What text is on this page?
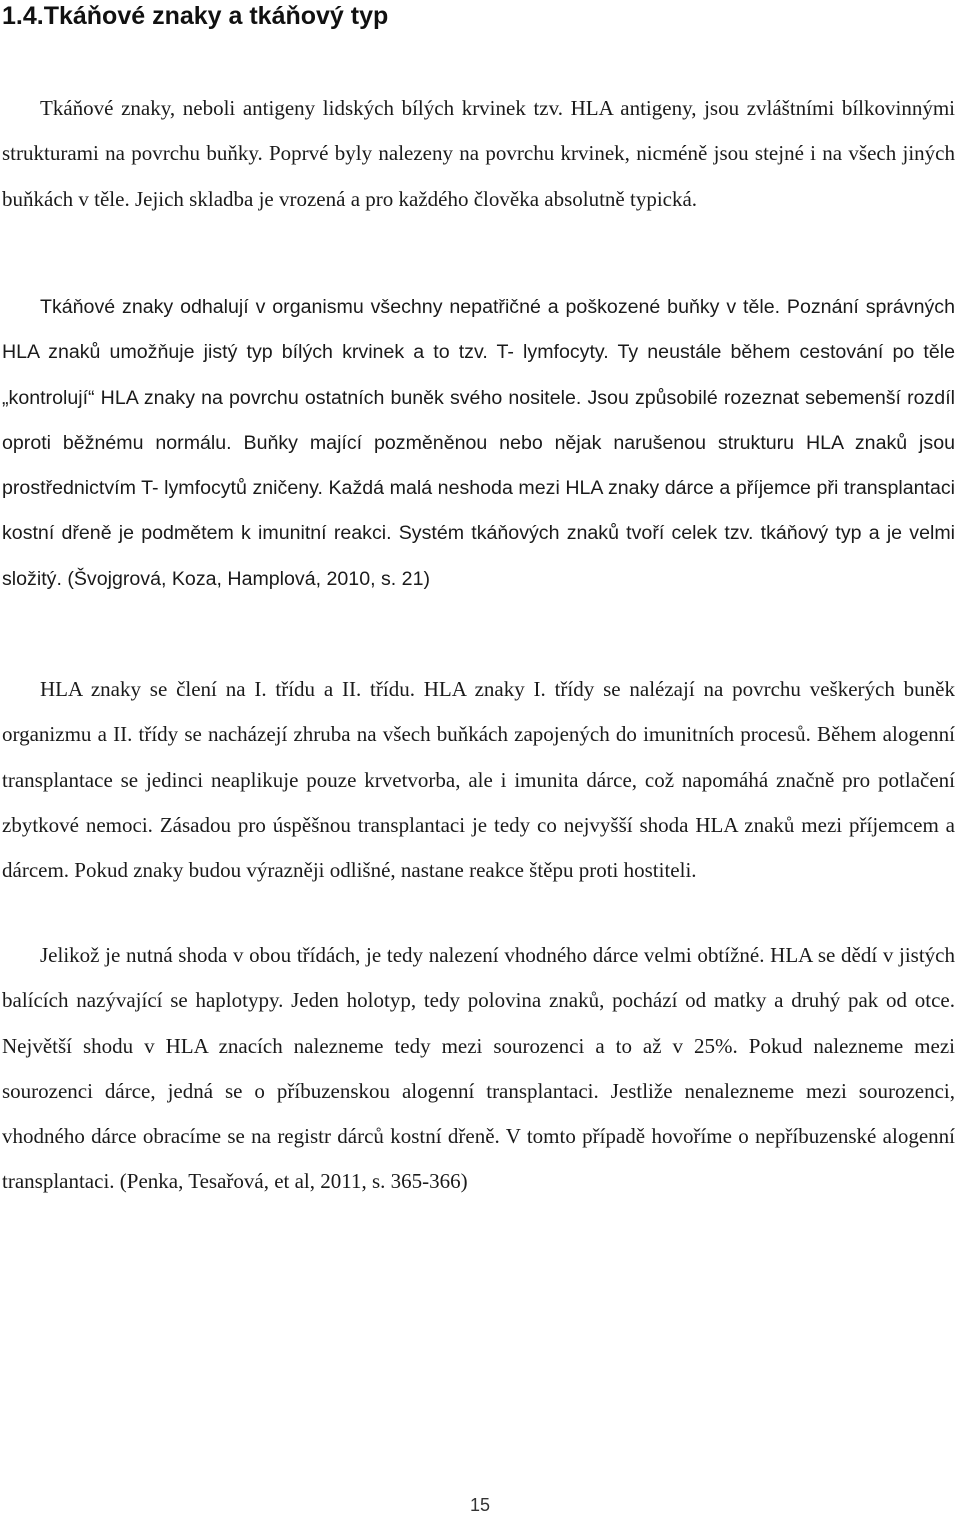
1.4.Tkáňové znaky a tkáňový typ

Tkáňové znaky, neboli antigeny lidských bílých krvinek tzv. HLA antigeny, jsou zvláštními bílkovinnými strukturami na povrchu buňky. Poprvé byly nalezeny na povrchu krvinek, nicméně jsou stejné i na všech jiných buňkách v těle. Jejich skladba je vrozená a pro každého člověka absolutně typická.

Tkáňové znaky odhalují v organismu všechny nepatřičné a poškozené buňky v těle. Poznání správných HLA znaků umožňuje jistý typ bílých krvinek a to tzv. T- lymfocyty. Ty neustále během cestování po těle „kontrolují“ HLA znaky na povrchu ostatních buněk svého nositele. Jsou způsobilé rozeznat sebemenší rozdíl oproti běžnému normálu. Buňky mající pozměněnou nebo nějak narušenou strukturu HLA znaků jsou prostřednictvím T- lymfocytů zničeny. Každá malá neshoda mezi HLA znaky dárce a příjemce při transplantaci kostní dřeně je podmětem k imunitní reakci. Systém tkáňových znaků tvoří celek tzv. tkáňový typ a je velmi složitý. (Švojgrová, Koza, Hamplová, 2010, s. 21)

HLA znaky se člení na I. třídu a II. třídu. HLA znaky I. třídy se nalézají na povrchu veškerých buněk organizmu a II. třídy se nacházejí zhruba na všech buňkách zapojených do imunitních procesů. Během alogenní transplantace se jedinci neaplikuje pouze krvetvorba, ale i imunita dárce, což napomáhá značně pro potlačení zbytkové nemoci. Zásadou pro úspěšnou transplantaci je tedy co nejvyšší shoda HLA znaků mezi příjemcem a dárcem. Pokud znaky budou výrazněji odlišné, nastane reakce štěpu proti hostiteli.

Jelikož je nutná shoda v obou třídách, je tedy nalezení vhodného dárce velmi obtížné. HLA se dědí v jistých balících nazývající se haplotypy. Jeden holotyp, tedy polovina znaků, pochází od matky a druhý pak od otce. Největší shodu v HLA znacích nalezneme tedy mezi sourozenci a to až v 25%. Pokud nalezneme mezi sourozenci dárce, jedná se o příbuzenskou alogenní transplantaci. Jestliže nenalezneme mezi sourozenci, vhodného dárce obracíme se na registr dárců kostní dřeně. V tomto případě hovoříme o nepříbuzenské alogenní transplantaci. (Penka, Tesařová, et al, 2011, s. 365-366)

15
